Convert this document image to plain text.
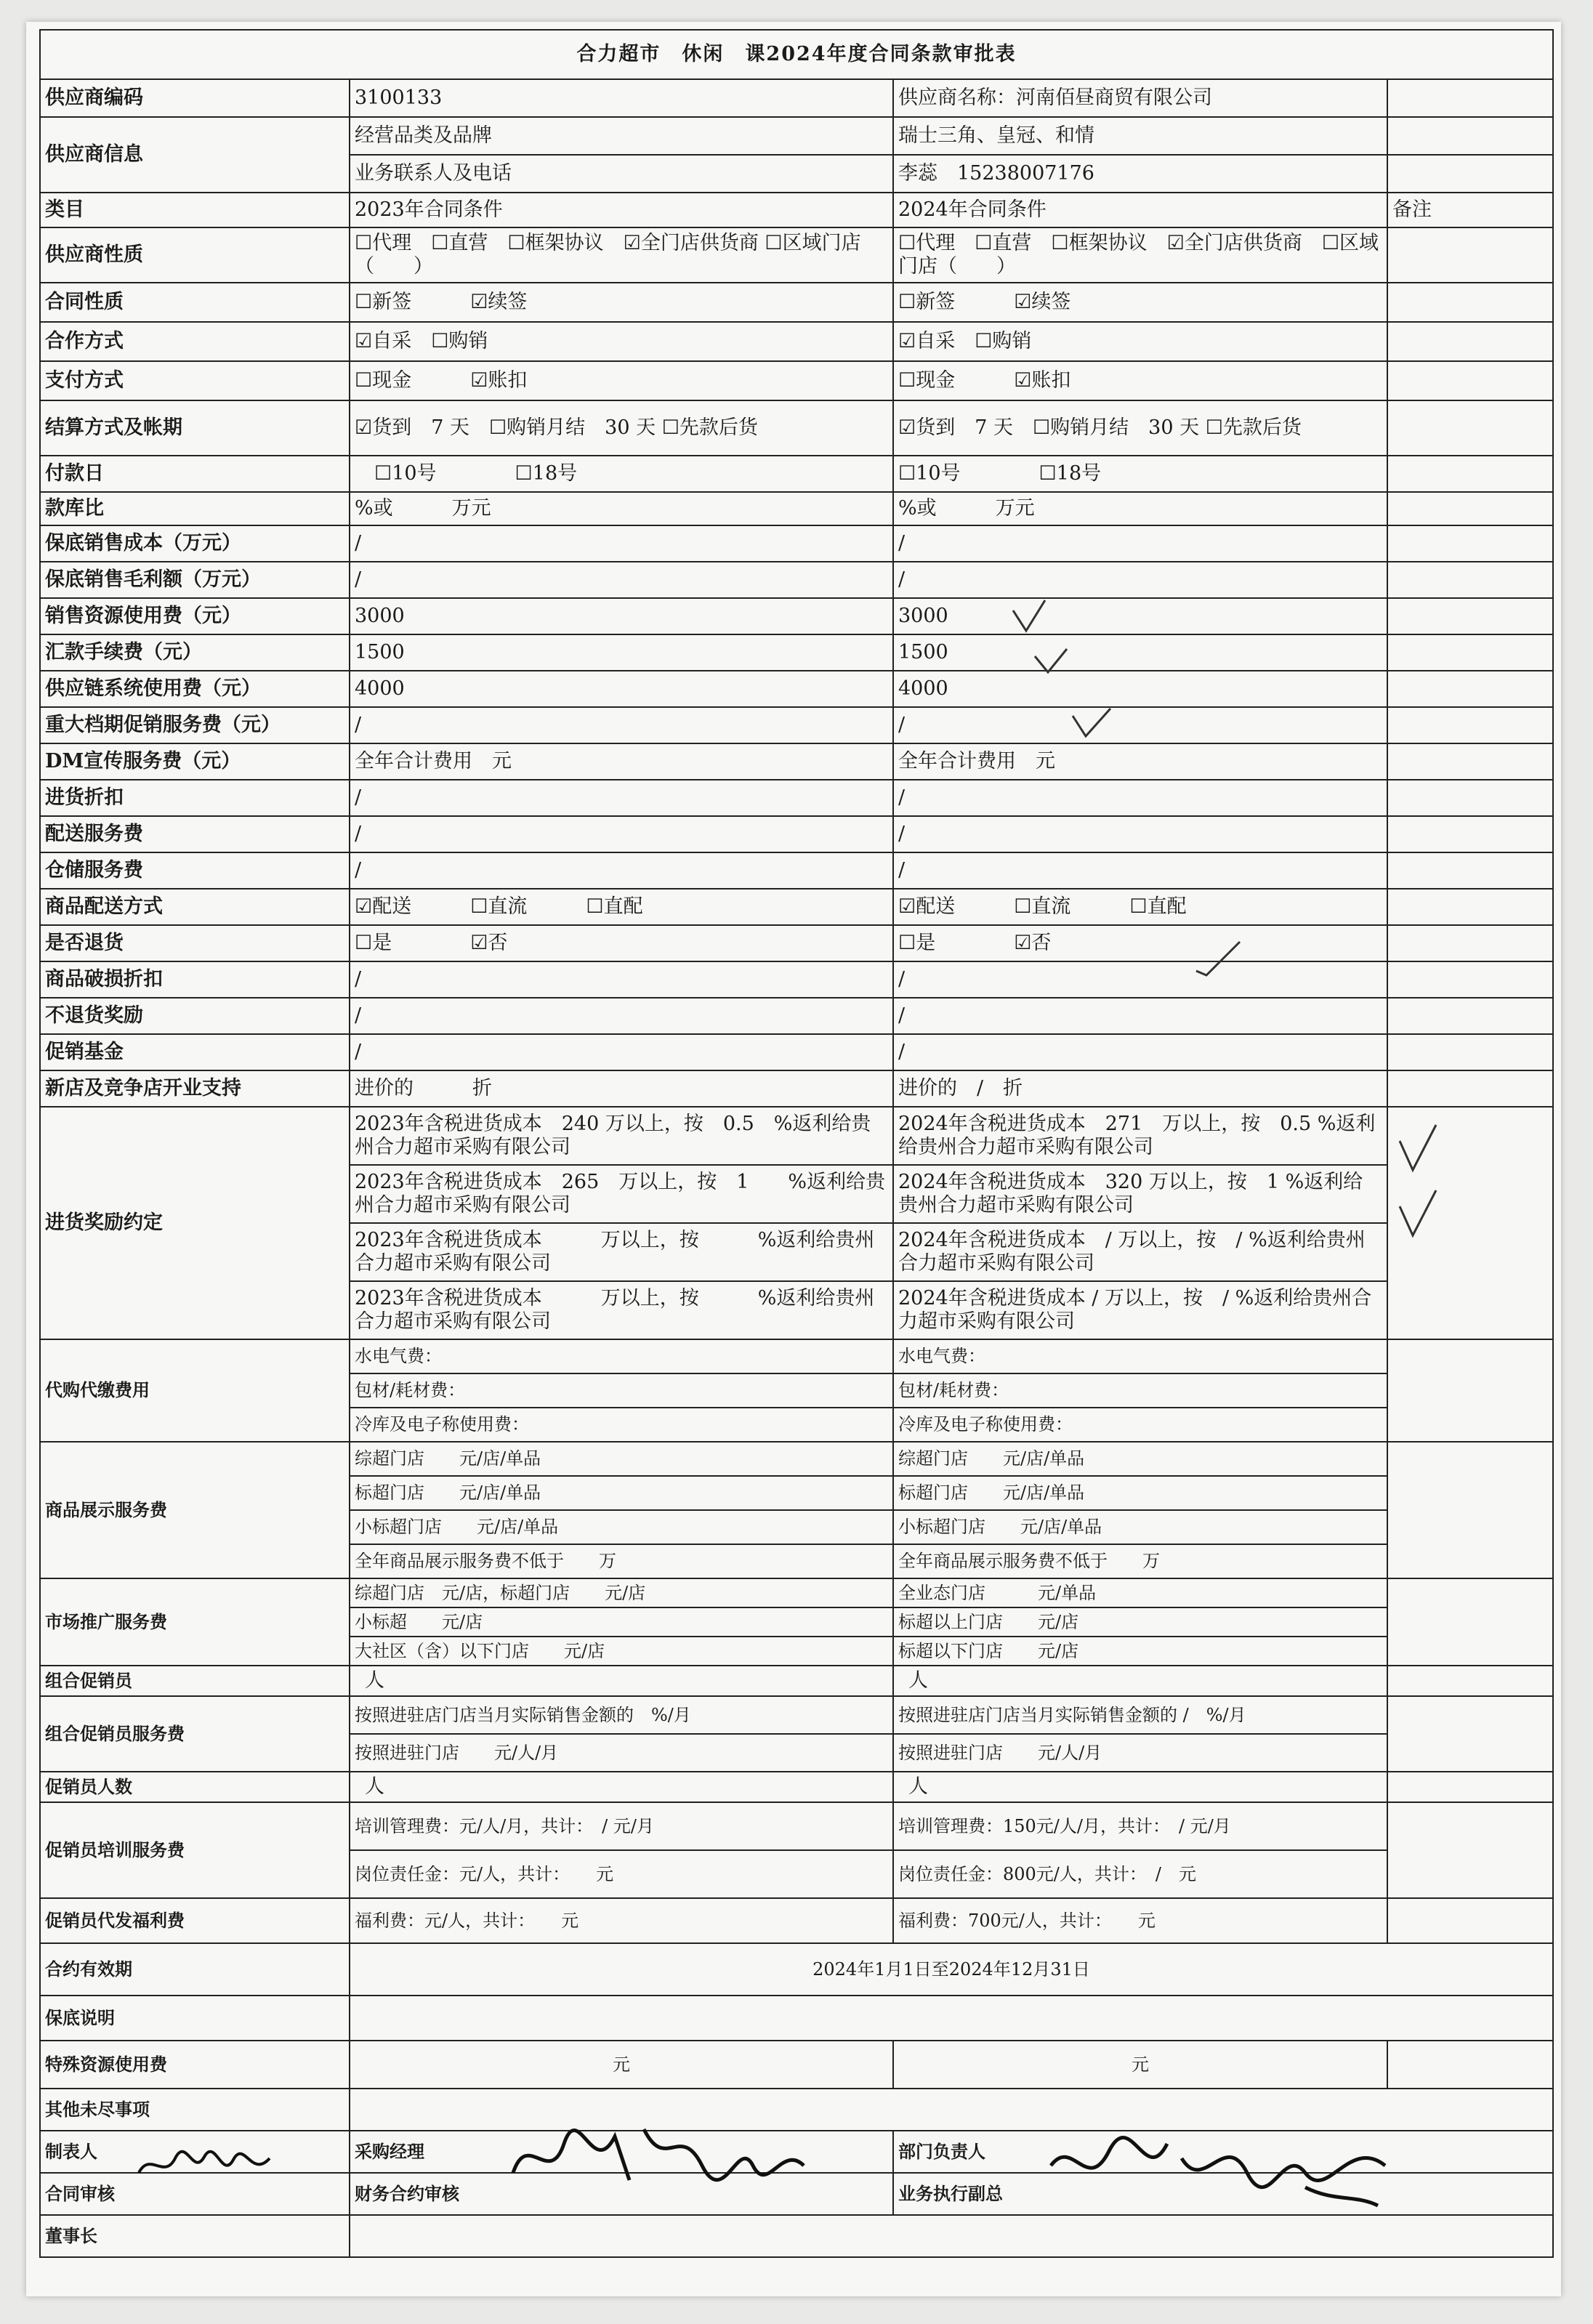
合力超市　休闲　课2024年度合同条款审批表			
供应商编码	3100133	供应商名称：河南佰昼商贸有限公司	
供应商信息	经营品类及品牌	瑞士三角、皇冠、和情	
	业务联系人及电话	李蕊　15238007176	
类目	2023年合同条件	2024年合同条件	备注
供应商性质	☐代理　☐直营　☐框架协议　☑全门店供货商 ☐区域门店（　　）	☐代理　☐直营　☐框架协议　☑全门店供货商　☐区域门店（　　）	
合同性质	☐新签　　　☑续签	☐新签　　　☑续签	
合作方式	☑自采　☐购销	☑自采　☐购销	
支付方式	☐现金　　　☑账扣	☐现金　　　☑账扣	
结算方式及帐期	☑货到　7 天　☐购销月结　30 天 ☐先款后货	☑货到　7 天　☐购销月结　30 天 ☐先款后货	
付款日	　☐10号　　　　☐18号	☐10号　　　　☐18号	
款库比	%或　　　万元	%或　　　万元	
保底销售成本（万元）	/	/	
保底销售毛利额（万元）	/	/	
销售资源使用费（元）	3000	3000	
汇款手续费（元）	1500	1500	
供应链系统使用费（元）	4000	4000	
重大档期促销服务费（元）	/	/	
DM宣传服务费（元）	全年合计费用　元	全年合计费用　元	
进货折扣	/	/	
配送服务费	/	/	
仓储服务费	/	/	
商品配送方式	☑配送　　　☐直流　　　☐直配	☑配送　　　☐直流　　　☐直配	
是否退货	☐是　　　　☑否	☐是　　　　☑否	
商品破损折扣	/	/	
不退货奖励	/	/	
促销基金	/	/	
新店及竞争店开业支持	进价的　　　折	进价的　/　折	
进货奖励约定	2023年含税进货成本　240 万以上，按　0.5　%返利给贵州合力超市采购有限公司	2024年含税进货成本　271　万以上，按　0.5 %返利给贵州合力超市采购有限公司	
	2023年含税进货成本　265　万以上，按　1　　%返利给贵州合力超市采购有限公司	2024年含税进货成本　320 万以上，按　1 %返利给贵州合力超市采购有限公司	
	2023年含税进货成本　　　万以上，按　　　%返利给贵州合力超市采购有限公司	2024年含税进货成本　/ 万以上，按　/ %返利给贵州合力超市采购有限公司	
	2023年含税进货成本　　　万以上，按　　　%返利给贵州合力超市采购有限公司	2024年含税进货成本 / 万以上，按　/ %返利给贵州合力超市采购有限公司	
代购代缴费用	水电气费：	水电气费：	
	包材/耗材费：	包材/耗材费：	
	冷库及电子称使用费：	冷库及电子称使用费：	
商品展示服务费	综超门店　　元/店/单品	综超门店　　元/店/单品	
	标超门店　　元/店/单品	标超门店　　元/店/单品	
	小标超门店　　元/店/单品	小标超门店　　元/店/单品	
	全年商品展示服务费不低于　　万	全年商品展示服务费不低于　　万	
市场推广服务费	综超门店　元/店，标超门店　　元/店	全业态门店　　　元/单品	
	小标超　　元/店	标超以上门店　　元/店	
	大社区（含）以下门店　　元/店	标超以下门店　　元/店	
组合促销员	人	人	
组合促销员服务费	按照进驻店门店当月实际销售金额的　%/月	按照进驻店门店当月实际销售金额的 /　%/月	
	按照进驻门店　　元/人/月	按照进驻门店　　元/人/月	
促销员人数	人	人	
促销员培训服务费	培训管理费：元/人/月，共计：　/ 元/月	培训管理费：150元/人/月，共计：　/ 元/月	
	岗位责任金：元/人，共计：　　元	岗位责任金：800元/人，共计：　/　元	
促销员代发福利费	福利费：元/人，共计：　　元	福利费：700元/人，共计：　　元	
合约有效期	2024年1月1日至2024年12月31日		
保底说明			
特殊资源使用费	元	元	
其他未尽事项			
制表人	采购经理	部门负责人	
合同审核	财务合约审核	业务执行副总	
董事长			
